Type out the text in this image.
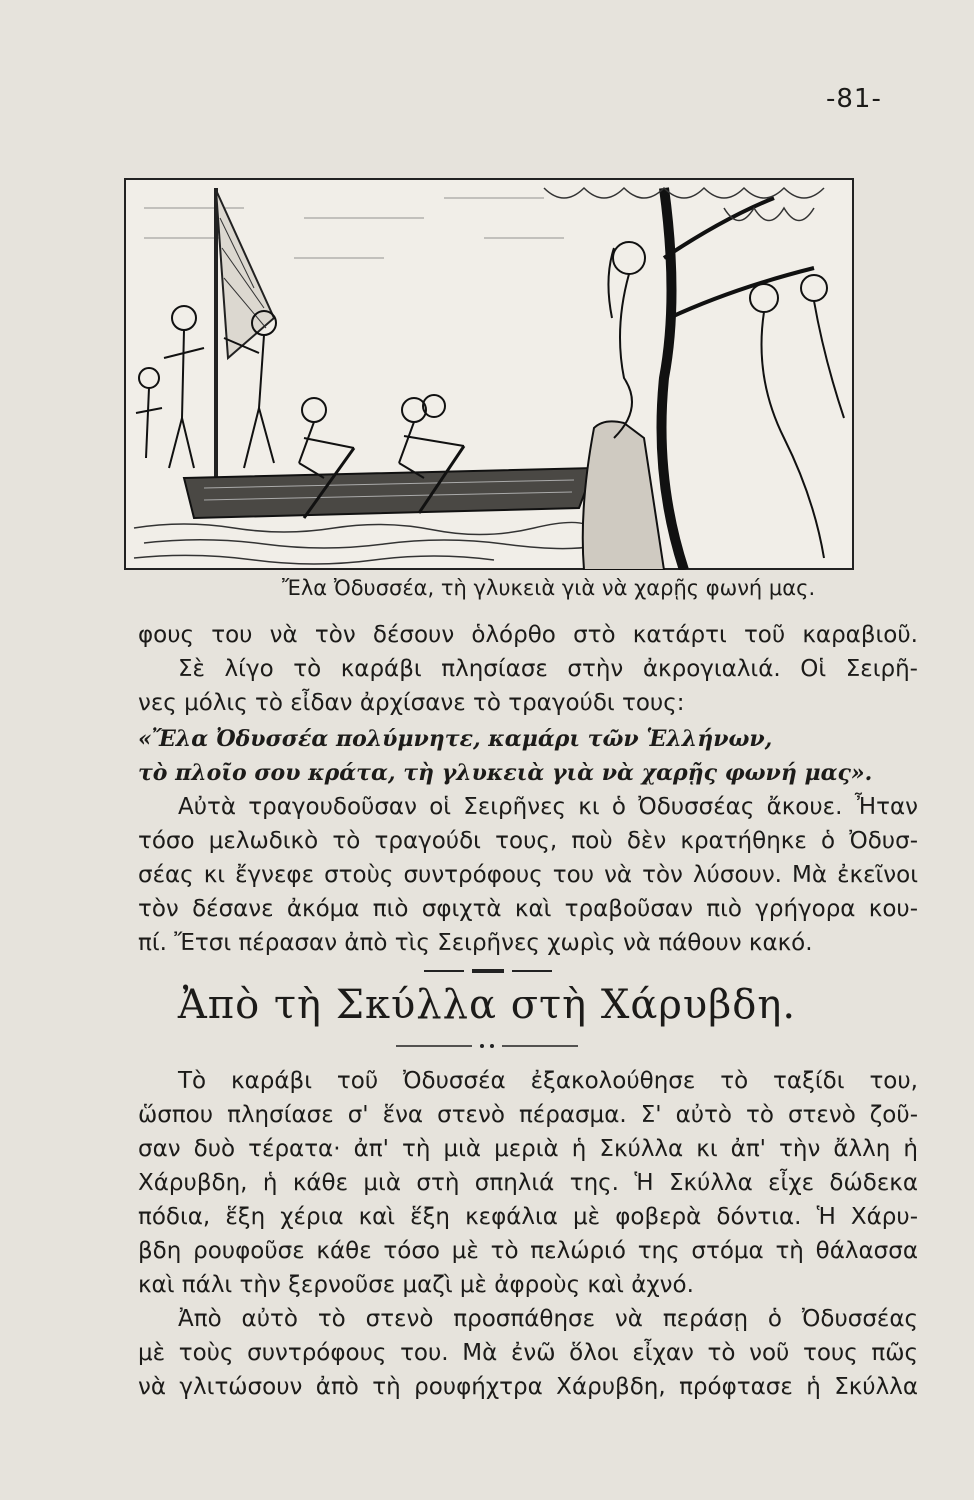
-81-
Ἔλα Ὀδυσσέα, τὴ γλυκειὰ γιὰ νὰ χαρῇς φωνή μας.
φους του νὰ τὸν δέσουν ὁλόρθο στὸ κατάρτι τοῦ καραβιοῦ.
Σὲ λίγο τὸ καράβι πλησίασε στὴν ἀκρογιαλιά. Οἱ Σειρῆ-
νες μόλις τὸ εἶδαν ἀρχίσανε τὸ τραγούδι τους:
«Ἔλα Ὀδυσσέα πολύμνητε, καμάρι τῶν Ἑλλήνων,
τὸ πλοῖο σου κράτα, τὴ γλυκειὰ γιὰ νὰ χαρῇς φωνή μας».
Αὐτὰ τραγουδοῦσαν οἱ Σειρῆνες κι ὁ Ὀδυσσέας ἄκουε. Ἦταν
τόσο μελωδικὸ τὸ τραγούδι τους, ποὺ δὲν κρατήθηκε ὁ Ὀδυσ-
σέας κι ἔγνεφε στοὺς συντρόφους του νὰ τὸν λύσουν. Μὰ ἐκεῖνοι
τὸν δέσανε ἀκόμα πιὸ σφιχτὰ καὶ τραβοῦσαν πιὸ γρήγορα κου-
πί. Ἔτσι πέρασαν ἀπὸ τὶς Σειρῆνες χωρὶς νὰ πάθουν κακό.
Ἀπὸ τὴ Σκύλλα στὴ Χάρυβδη.
Τὸ καράβι τοῦ Ὀδυσσέα ἐξακολούθησε τὸ ταξίδι του,
ὥσπου πλησίασε σ' ἕνα στενὸ πέρασμα. Σ' αὐτὸ τὸ στενὸ ζοῦ-
σαν δυὸ τέρατα· ἀπ' τὴ μιὰ μεριὰ ἡ Σκύλλα κι ἀπ' τὴν ἄλλη ἡ
Χάρυβδη, ἡ κάθε μιὰ στὴ σπηλιά της. Ἡ Σκύλλα εἶχε δώδεκα
πόδια, ἕξη χέρια καὶ ἕξη κεφάλια μὲ φοβερὰ δόντια. Ἡ Χάρυ-
βδη ρουφοῦσε κάθε τόσο μὲ τὸ πελώριό της στόμα τὴ θάλασσα
καὶ πάλι τὴν ξερνοῦσε μαζὶ μὲ ἀφροὺς καὶ ἀχνό.
Ἀπὸ αὐτὸ τὸ στενὸ προσπάθησε νὰ περάσῃ ὁ Ὀδυσσέας
μὲ τοὺς συντρόφους του. Μὰ ἐνῶ ὅλοι εἶχαν τὸ νοῦ τους πῶς
νὰ γλιτώσουν ἀπὸ τὴ ρουφήχτρα Χάρυβδη, πρόφτασε ἡ Σκύλλα
